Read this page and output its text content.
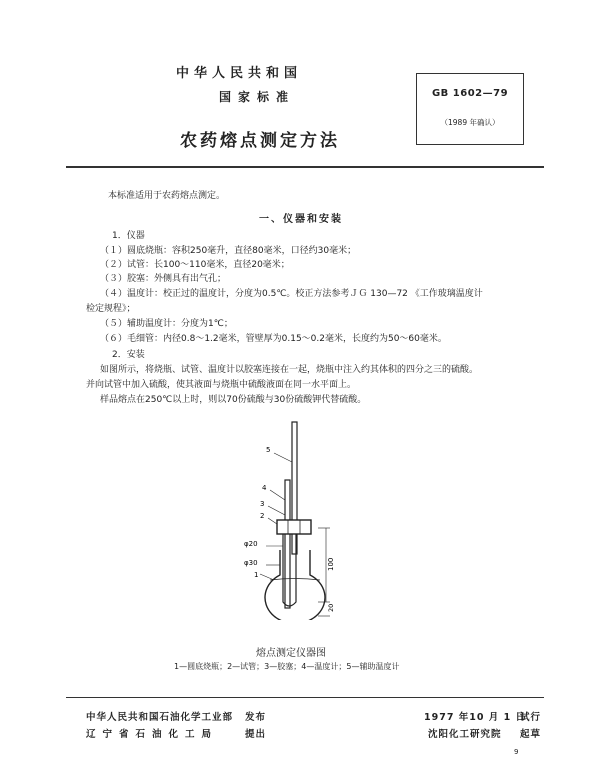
中华人民共和国
国家标准
农药熔点测定方法
GB 1602—79
（1989 年确认）
本标准适用于农药熔点测定。
一、仪器和安装
1．仪器
（１）圆底烧瓶：容积250毫升，直径80毫米，口径约30毫米；
（２）试管：长100～110毫米，直径20毫米；
（３）胶塞：外侧具有出气孔；
（４）温度计：校正过的温度计，分度为0.5℃。校正方法参考ＪＧ 130—72 《工作玻璃温度计
检定规程》；
（５）辅助温度计：分度为1℃；
（６）毛细管：内径0.8～1.2毫米，管壁厚为0.15～0.2毫米，长度约为50～60毫米。
2．安装
如图所示，将烧瓶、试管、温度计以胶塞连接在一起，烧瓶中注入约其体积的四分之三的硫酸。
并向试管中加入硫酸，使其液面与烧瓶中硫酸液面在同一水平面上。
样品熔点在250℃以上时，则以70份硫酸与30份硫酸钾代替硫酸。
5
4
3
2
1
φ20
φ30	100
20
熔点测定仪器图
1—圆底烧瓶；2—试管；3—胶塞；4—温度计；5—辅助温度计
中华人民共和国石油化学工业部 发布
辽宁省石油化工局	提出
1977 年10 月 1 日
试行
沈阳化工研究院 起草
9
